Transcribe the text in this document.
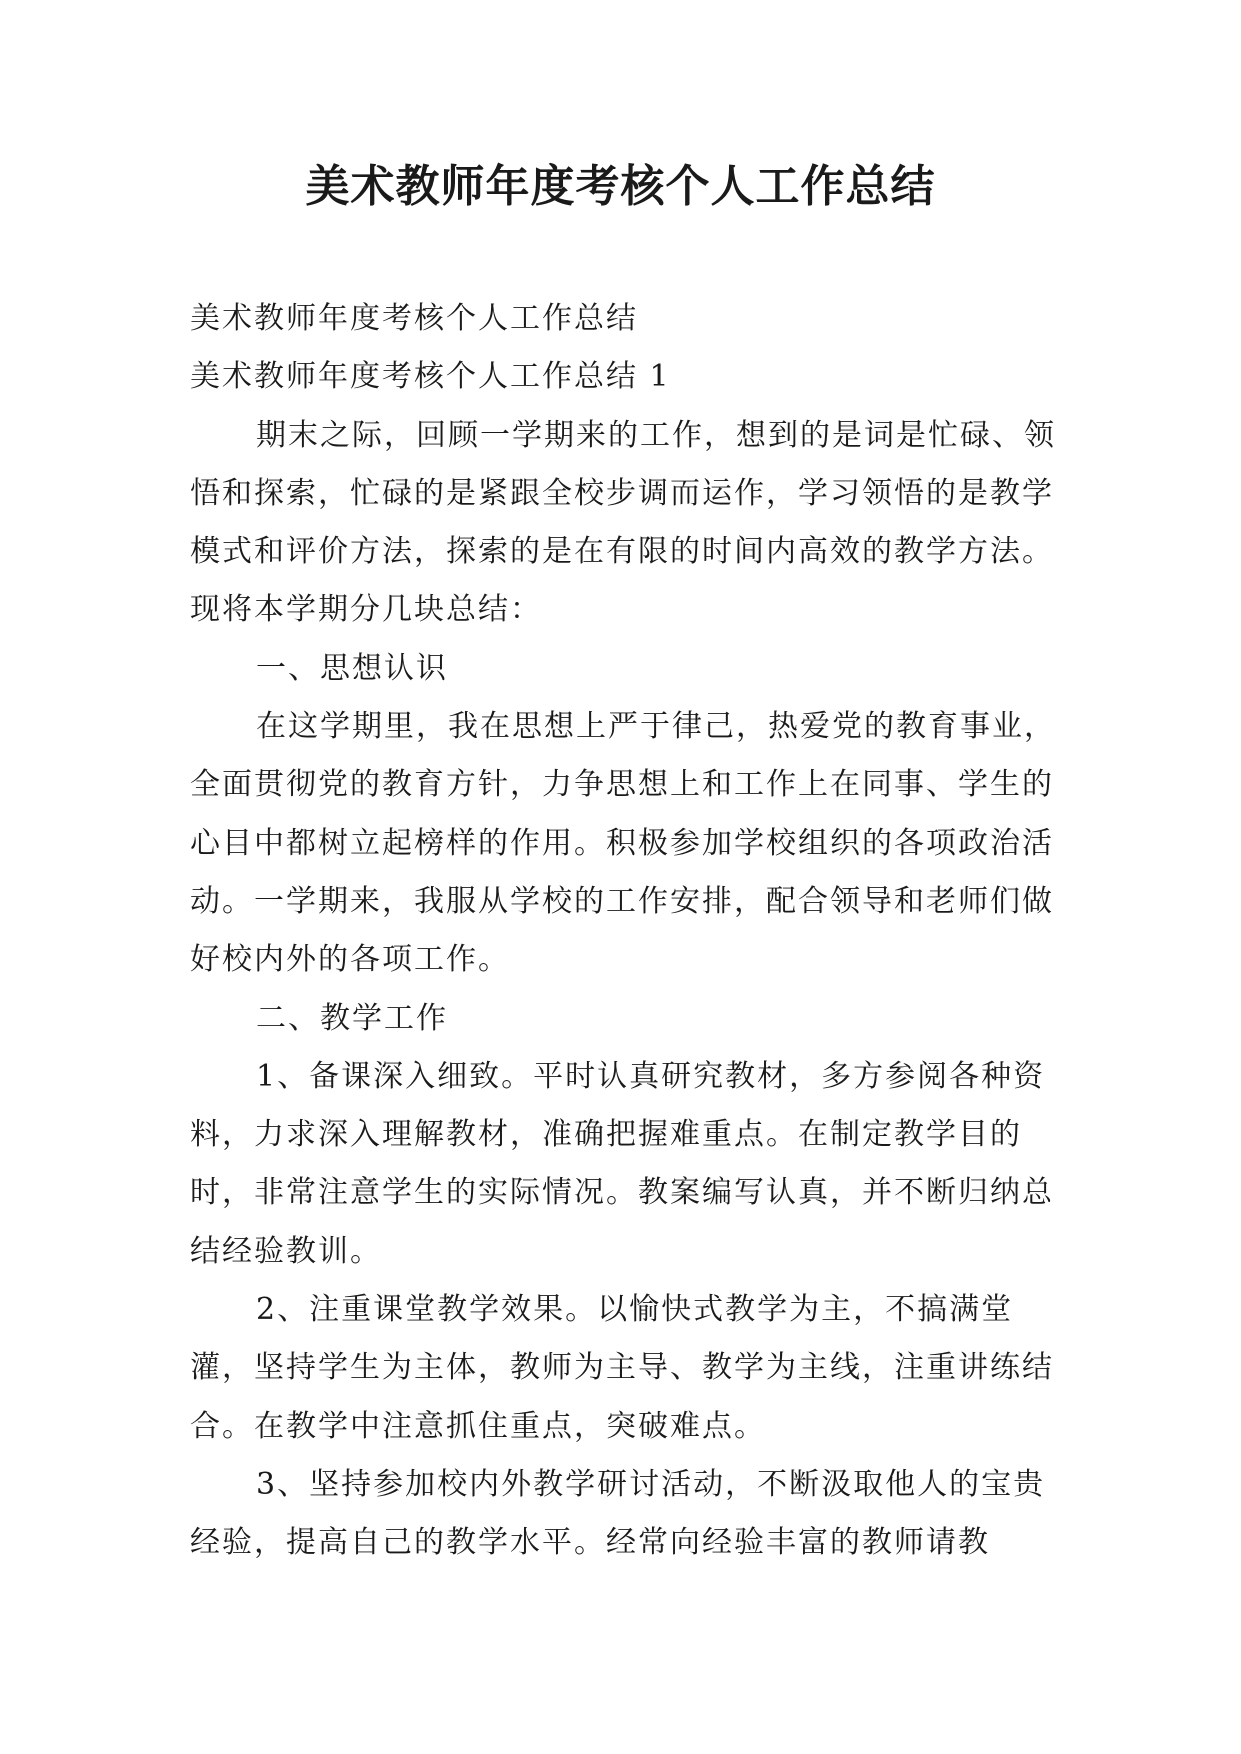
美术教师年度考核个人工作总结

美术教师年度考核个人工作总结

美术教师年度考核个人工作总结 1

期末之际，回顾一学期来的工作，想到的是词是忙碌、领悟和探索，忙碌的是紧跟全校步调而运作，学习领悟的是教学模式和评价方法，探索的是在有限的时间内高效的教学方法。现将本学期分几块总结：

一、思想认识

在这学期里，我在思想上严于律己，热爱党的教育事业，全面贯彻党的教育方针，力争思想上和工作上在同事、学生的心目中都树立起榜样的作用。积极参加学校组织的各项政治活动。一学期来，我服从学校的工作安排，配合领导和老师们做好校内外的各项工作。

二、教学工作

1、备课深入细致。平时认真研究教材，多方参阅各种资料，力求深入理解教材，准确把握难重点。在制定教学目的时，非常注意学生的实际情况。教案编写认真，并不断归纳总结经验教训。

2、注重课堂教学效果。以愉快式教学为主，不搞满堂灌，坚持学生为主体，教师为主导、教学为主线，注重讲练结合。在教学中注意抓住重点，突破难点。

3、坚持参加校内外教学研讨活动，不断汲取他人的宝贵经验，提高自己的教学水平。经常向经验丰富的教师请教
